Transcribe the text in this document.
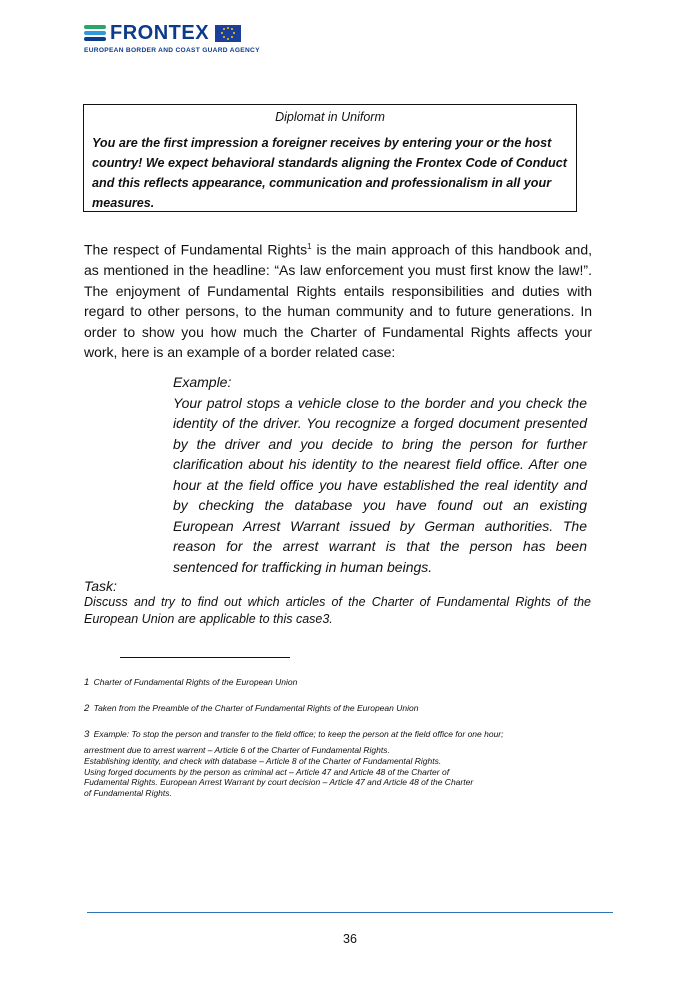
FRONTEX
EUROPEAN BORDER AND COAST GUARD AGENCY

Diplomat in Uniform

You are the first impression a foreigner receives by entering your or the host
country! We expect behavioral standards aligning the Frontex Code of Conduct
and this reflects appearance, communication and professionalism in all your
measures.

The respect of Fundamental Rights$^1$ is the main approach of this handbook and, as mentioned in the headline: “As law enforcement you must first know the law!”. The enjoyment of Fundamental Rights entails responsibilities and duties with regard to other persons, to the human community and to future generations. In order to show you how much the Charter of Fundamental Rights affects your work, here is an example of a border related case:

Example:
Your patrol stops a vehicle close to the border and you check the identity of the driver. You recognize a forged document presented by the driver and you decide to bring the person for further clarification about his identity to the nearest field office. After one hour at the field office you have established the real identity and by checking the database you have found out an existing European Arrest Warrant issued by German authorities. The reason for the arrest warrant is that the person has been sentenced for trafficking in human beings.

Task:

Discuss and try to find out which articles of the Charter of Fundamental Rights of the European Union are applicable to this case3.

1 Charter of Fundamental Rights of the European Union

2 Taken from the Preamble of the Charter of Fundamental Rights of the European Union

3 Example: To stop the person and transfer to the field office; to keep the person at the field office for one hour;

arrestment due to arrest warrent – Article 6 of the Charter of Fundamental Rights.
Establishing identity, and check with database – Article 8 of the Charter of Fundamental Rights.
Using forged documents by the person as criminal act – Article 47 and Article 48 of the Charter of
Fudamental Rights. European Arrest Warrant by court decision – Article 47 and Article 48 of the Charter
of Fundamental Rights.

36
